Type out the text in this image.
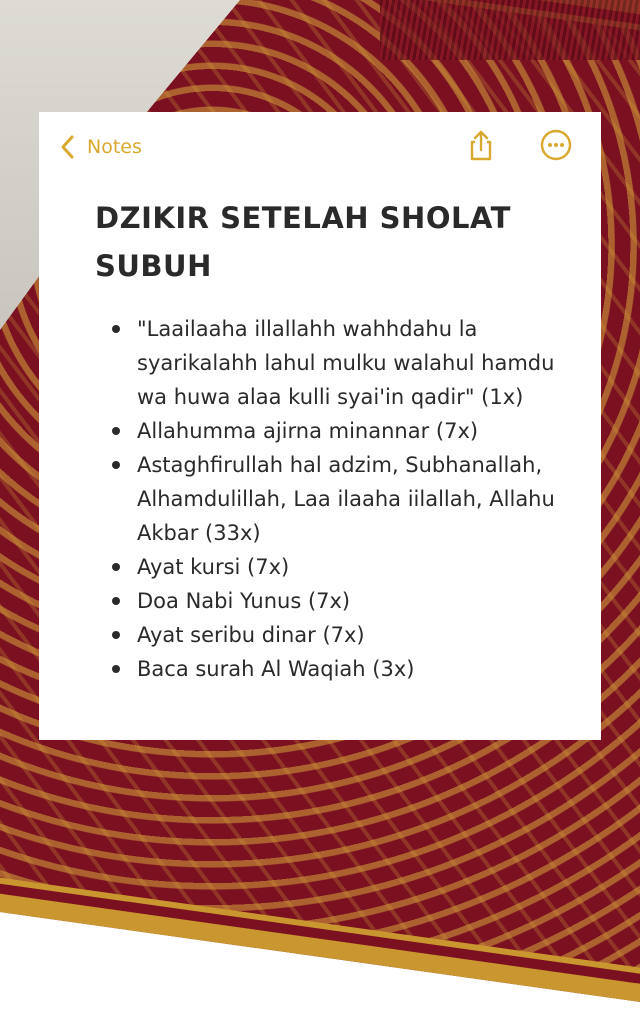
Notes
DZIKIR SETELAH SHOLAT SUBUH
"Laailaaha illallahh wahhdahu la syarikalahh lahul mulku walahul hamdu wa huwa alaa kulli syai'in qadir" (1x)
Allahumma ajirna minannar (7x)
Astaghfirullah hal adzim, Subhanallah, Alhamdulillah, Laa ilaaha iilallah, Allahu Akbar (33x)
Ayat kursi (7x)
Doa Nabi Yunus (7x)
Ayat seribu dinar (7x)
Baca surah Al Waqiah (3x)
